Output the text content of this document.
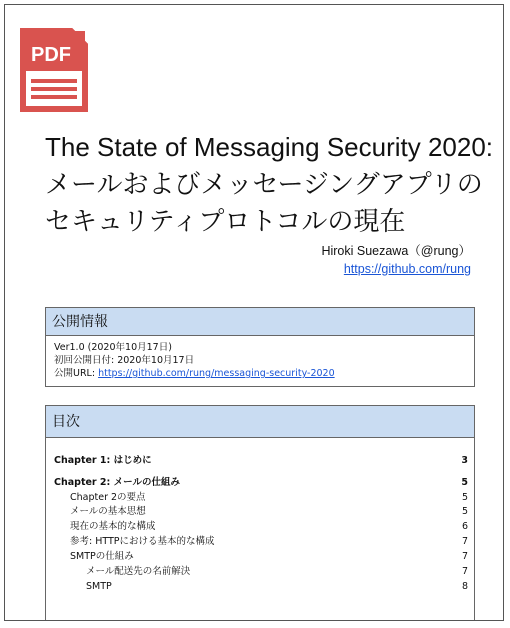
PDF
The State of Messaging Security 2020:
メールおよびメッセージングアプリの
セキュリティプロトコルの現在
Hiroki Suezawa（@rung）
https://github.com/rung
公開情報
Ver1.0 (2020年10月17日)
初回公開日付: 2020年10月17日
公開URL: https://github.com/rung/messaging-security-2020
目次
Chapter 1: はじめに	3
Chapter 2: メールの仕組み	5
Chapter 2の要点	5
メールの基本思想	5
現在の基本的な構成	6
参考: HTTPにおける基本的な構成	7
SMTPの仕組み	7
メール配送先の名前解決	7
SMTP	8
